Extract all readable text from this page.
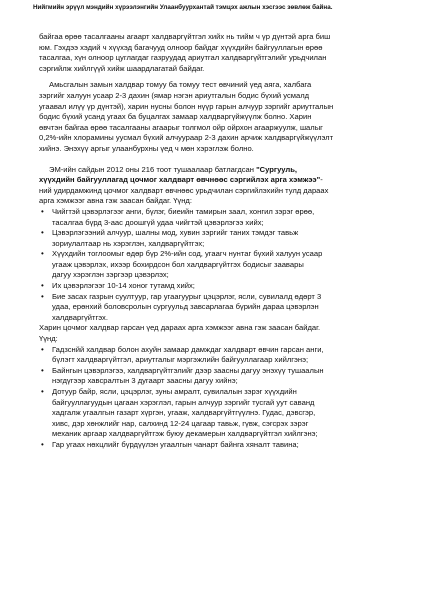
Нийгмийн эрүүл мэндийн хүрээлэнгийн Улаанбуурхантай тэмцэх ажлын хэсгээс зөвлөж байна.
байгаа өрөө тасалгааны агаарт халдваргүйтгэл хийх нь тийм ч үр дүнтэй арга биш
юм. Гэхдээ хэдий ч хүүхэд багачууд олноор байдаг хүүхдийн байгууллагын өрөө
тасалгаа, хүн олноор цуглагдаг газруудад ариутгал халдваргүйтгэлийг урьдчилан
сэргийлж хийлгүүй хийж шаардлагатай байдаг.
Амьсгалын замын халдвар томуу ба томуу тест өвчиний үед аягa, халбага
зэргийг халуун усаар 2-3 дахин (ямар нэгэн ариутгалын бодис бүхий усмалд
угаавал илүү үр дүнтэй), харин нусны болон нүүр гарын алчуур зэргийг ариутгалын
бодис бүхий усанд угаах ба буцалгах замаар халдваргүйжүүлж болно. Харин
өвчтэн байгаа өрөө тасалгааны агаарыг толгмол ойр ойрхон агааржуулж, шалыг
0,2%-ийн хлорамины уусмал бүхий алчуураар 2-3 дахин арчиж халдваргүйжүүлэлт
хийнэ. Энэхүү аргыг улаанбурхны үед ч мөн хэрэглэж болно.
ЭМ-ийн сайдын 2012 оны 216 тоот тушаалаар батлагдсан "Сургууль,
хүүхдийн байгууллагад цочмог халдварт өвчнөөс сэргийлэх арга хэмжээ"-
ний удирдамжинд цочмог халдварт өвчнөөс урьдчилан сэргийлэхийн тулд дараах
арга хэмжээг авна гэж заасан байдаг. Үүнд:
• Чийгтэй цэвэрлэгээг анги, бүлэг, биеийн тамирын заал, хонгил зэрэг өрөө,
тасалгаа бүрд 3-аас доошгүй удаа чийгтэй цэвэрлэгээ хийх;
• Цэвэрлэгээний алчуур, шалны мод, хувин зэргийг таних тэмдэг тавьж
зориулалтаар нь хэрэглэн, халдваргүйтгэх;
• Хүүхдийн тоглоомыг өдөр бүр 2%-ийн сод, угаагч нунтаг бүхий халуун усаар
угааж цэвэрлэх, ихээр бохирдсон бол халдваргүйтгэх бодисыг заавары
дагуу хэрэглэн зэргээр цэвэрлэх;
• Их цэвэрлэгээг 10-14 хоног тутамд хийх;
• Бие засах газрын суултуур, гар угаагуурыг цэцэрлэг, ясли, сувилалд өдөрт 3
удаа, ерөнхий боловсролын сургуульд завсарлагаа бүрийн дараа цэвэрлэн
халдваргүйтгэх.
Харин цочмог халдвар гарсан үед дараах арга хэмжээг авна гэж заасан байдаг.
Үүнд:
• Гадзснйй халдвар болон ахуйн замаар дамждаг халдварт өвчин гарсан анги,
бүлэгт халдваргүйтгэл, ариутгалыг мэргэжлийн байгууллагаар хийлгэнэ;
• Байнгын цэвэрлэгээ, халдваргүйтгэлийг дээр заасны дагуу энэхүү тушаалын
нэгдүгээр хавсралтын 3 дугаарт заасны дагуу хийнэ;
• Дотуур байр, ясли, цэцэрлэг, зуны амралт, сувилалын зэрэг хүүхдийн
байгууллагуудын цагаан хэрэглэл, гарын алчуур зэргийг тусгай уут савaнд
хадгалж угаалгын газарт хүргэн, угааж, халдваргүйтгүүлнэ. Гудас, дэвсгэр,
хивс, дэр хөнжлийг нар, салхинд 12-24 цагаар тавьж, гүвж, сэгсрэх зэрэг
механик аргаар халдваргүйтгэж буюу декамерын халдваргүйтгэл хийлгэнэ;
• Гар угаах нөхцлийг бүрдүүлэн угаалгын чанарт байнга хяналт тавина;
